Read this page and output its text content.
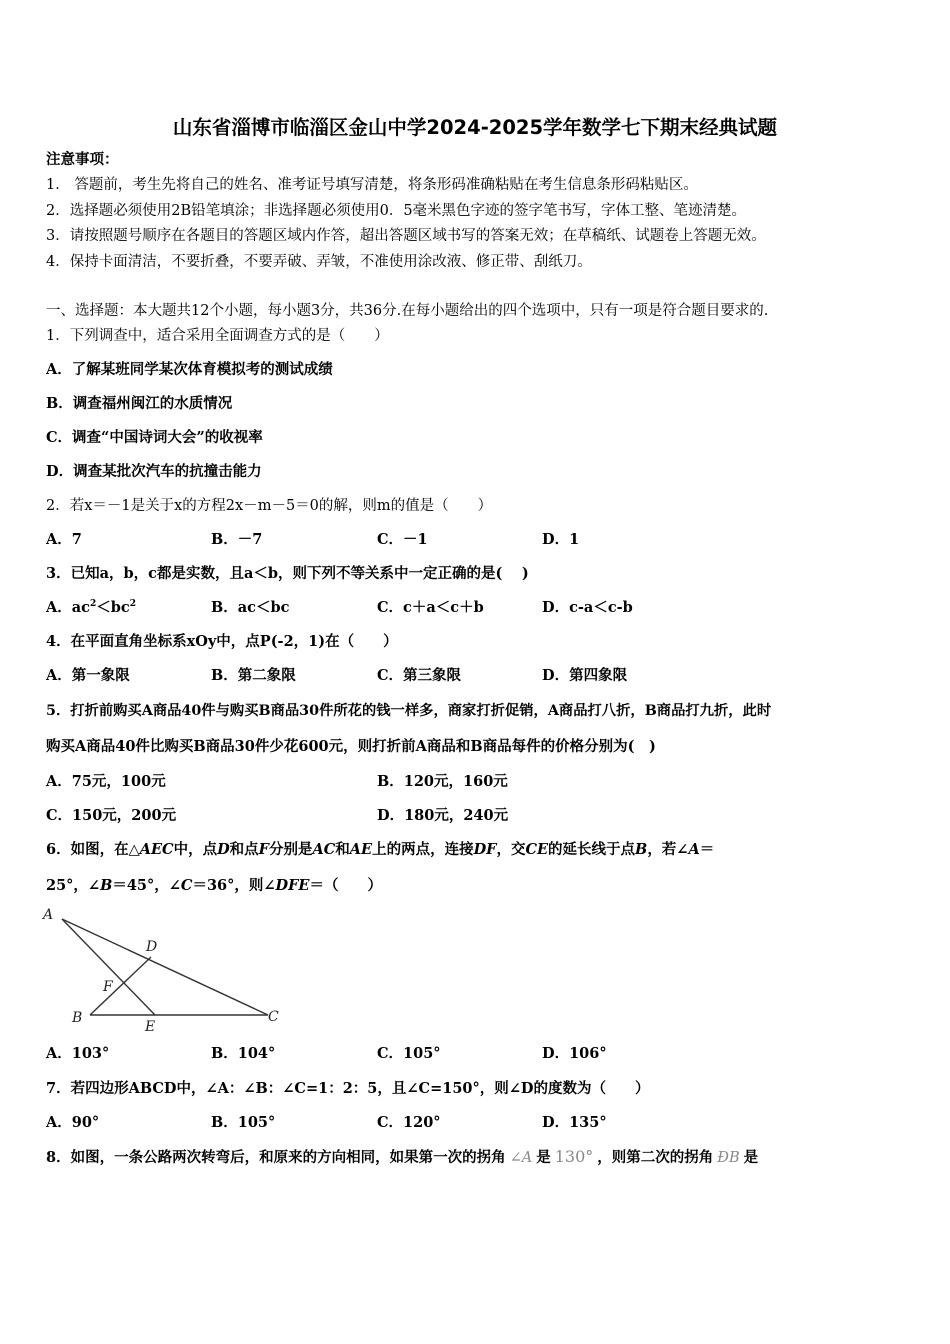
山东省淄博市临淄区金山中学2024-2025学年数学七下期末经典试题
注意事项：
1． 答题前，考生先将自己的姓名、准考证号填写清楚，将条形码准确粘贴在考生信息条形码粘贴区。
2．选择题必须使用2B铅笔填涂；非选择题必须使用0．5毫米黑色字迹的签字笔书写，字体工整、笔迹清楚。
3．请按照题号顺序在各题目的答题区域内作答，超出答题区域书写的答案无效；在草稿纸、试题卷上答题无效。
4．保持卡面清洁，不要折叠，不要弄破、弄皱，不准使用涂改液、修正带、刮纸刀。
一、选择题：本大题共12个小题，每小题3分，共36分.在每小题给出的四个选项中，只有一项是符合题目要求的.
1．下列调查中，适合采用全面调查方式的是（　　）
A．了解某班同学某次体育模拟考的测试成绩
B．调查福州闽江的水质情况
C．调查“中国诗词大会”的收视率
D．调查某批次汽车的抗撞击能力
2．若x＝－1是关于x的方程2x－m－5＝0的解，则m的值是（　　）
A．7	B．－7	C．－1	D．1
3．已知a，b，c都是实数，且a＜b，则下列不等关系中一定正确的是(　 )
A．$ac^2<bc^2$	B．ac＜bc	C．c＋a＜c＋b	D．c-a＜c-b
4．在平面直角坐标系xOy中，点P(-2，1)在（　　）
A．第一象限	B．第二象限	C．第三象限	D．第四象限
5．打折前购买A商品40件与购买B商品30件所花的钱一样多，商家打折促销，A商品打八折，B商品打九折，此时
购买A商品40件比购买B商品30件少花600元，则打折前A商品和B商品每件的价格分别为(　)
A．75元，100元	B．120元，160元
C．150元，200元	D．180元，240元
6．如图，在△AEC中，点D和点F分别是AC和AE上的两点，连接DF，交CE的延长线于点B，若∠A＝
25°，∠B＝45°，∠C＝36°，则∠DFE＝（　　）
A
D
F
B
E
C
A．103°	B．104°	C．105°	D．106°
7．若四边形ABCD中，∠A：∠B：∠C=1：2：5，且∠C=150°，则∠D的度数为（　　）
A．90°	B．105°	C．120°	D．135°
8．如图，一条公路两次转弯后，和原来的方向相同，如果第一次的拐角 ∠A 是 130° ，则第二次的拐角 ÐB 是
